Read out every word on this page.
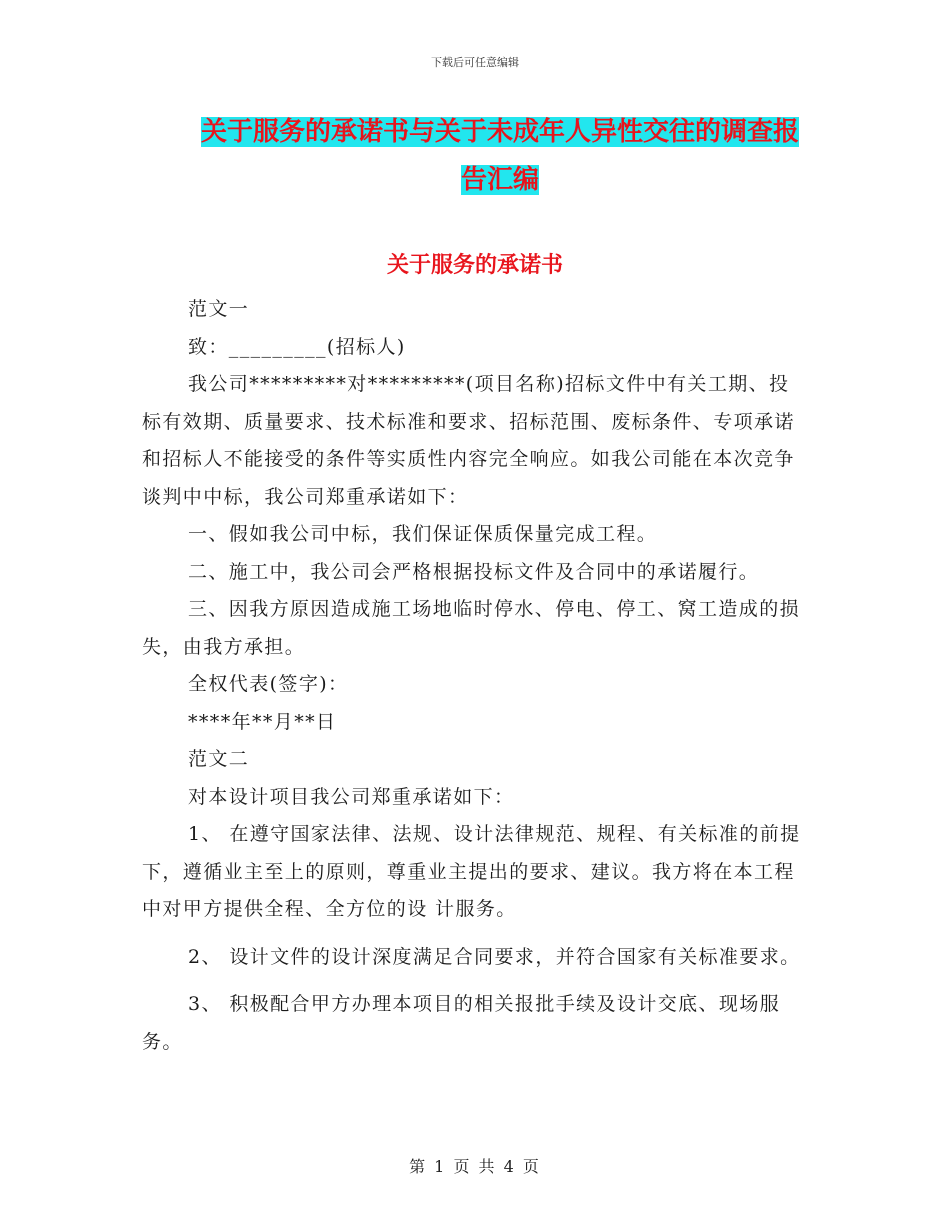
下载后可任意编辑
关于服务的承诺书与关于未成年人异性交往的调查报
告汇编
关于服务的承诺书

范文一

致：_________(招标人)

我公司*********对*********(项目名称)招标文件中有关工期、投标有效期、质量要求、技术标准和要求、招标范围、废标条件、专项承诺和招标人不能接受的条件等实质性内容完全响应。如我公司能在本次竞争谈判中中标，我公司郑重承诺如下：

一、假如我公司中标，我们保证保质保量完成工程。

二、施工中，我公司会严格根据投标文件及合同中的承诺履行。

三、因我方原因造成施工场地临时停水、停电、停工、窝工造成的损失，由我方承担。

全权代表(签字)：

****年**月**日

范文二

对本设计项目我公司郑重承诺如下：

1、 在遵守国家法律、法规、设计法律规范、规程、有关标准的前提下，遵循业主至上的原则，尊重业主提出的要求、建议。我方将在本工程中对甲方提供全程、全方位的设 计服务。

2、 设计文件的设计深度满足合同要求，并符合国家有关标准要求。

3、 积极配合甲方办理本项目的相关报批手续及设计交底、现场服务。

第 1 页 共 4 页
